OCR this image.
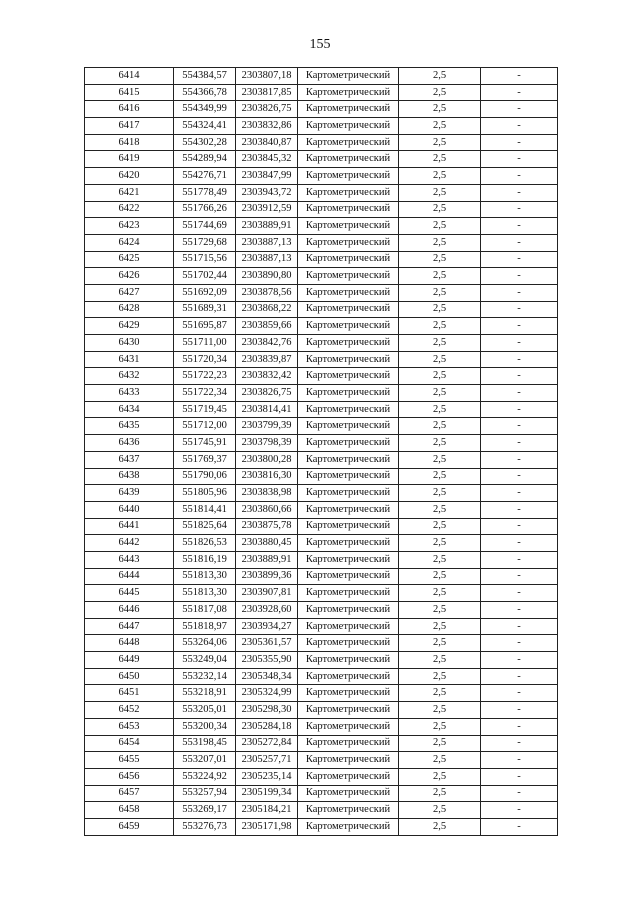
155
6414	554384,57	2303807,18	Картометрический	2,5	-
6415	554366,78	2303817,85	Картометрический	2,5	-
6416	554349,99	2303826,75	Картометрический	2,5	-
6417	554324,41	2303832,86	Картометрический	2,5	-
6418	554302,28	2303840,87	Картометрический	2,5	-
6419	554289,94	2303845,32	Картометрический	2,5	-
6420	554276,71	2303847,99	Картометрический	2,5	-
6421	551778,49	2303943,72	Картометрический	2,5	-
6422	551766,26	2303912,59	Картометрический	2,5	-
6423	551744,69	2303889,91	Картометрический	2,5	-
6424	551729,68	2303887,13	Картометрический	2,5	-
6425	551715,56	2303887,13	Картометрический	2,5	-
6426	551702,44	2303890,80	Картометрический	2,5	-
6427	551692,09	2303878,56	Картометрический	2,5	-
6428	551689,31	2303868,22	Картометрический	2,5	-
6429	551695,87	2303859,66	Картометрический	2,5	-
6430	551711,00	2303842,76	Картометрический	2,5	-
6431	551720,34	2303839,87	Картометрический	2,5	-
6432	551722,23	2303832,42	Картометрический	2,5	-
6433	551722,34	2303826,75	Картометрический	2,5	-
6434	551719,45	2303814,41	Картометрический	2,5	-
6435	551712,00	2303799,39	Картометрический	2,5	-
6436	551745,91	2303798,39	Картометрический	2,5	-
6437	551769,37	2303800,28	Картометрический	2,5	-
6438	551790,06	2303816,30	Картометрический	2,5	-
6439	551805,96	2303838,98	Картометрический	2,5	-
6440	551814,41	2303860,66	Картометрический	2,5	-
6441	551825,64	2303875,78	Картометрический	2,5	-
6442	551826,53	2303880,45	Картометрический	2,5	-
6443	551816,19	2303889,91	Картометрический	2,5	-
6444	551813,30	2303899,36	Картометрический	2,5	-
6445	551813,30	2303907,81	Картометрический	2,5	-
6446	551817,08	2303928,60	Картометрический	2,5	-
6447	551818,97	2303934,27	Картометрический	2,5	-
6448	553264,06	2305361,57	Картометрический	2,5	-
6449	553249,04	2305355,90	Картометрический	2,5	-
6450	553232,14	2305348,34	Картометрический	2,5	-
6451	553218,91	2305324,99	Картометрический	2,5	-
6452	553205,01	2305298,30	Картометрический	2,5	-
6453	553200,34	2305284,18	Картометрический	2,5	-
6454	553198,45	2305272,84	Картометрический	2,5	-
6455	553207,01	2305257,71	Картометрический	2,5	-
6456	553224,92	2305235,14	Картометрический	2,5	-
6457	553257,94	2305199,34	Картометрический	2,5	-
6458	553269,17	2305184,21	Картометрический	2,5	-
6459	553276,73	2305171,98	Картометрический	2,5	-
